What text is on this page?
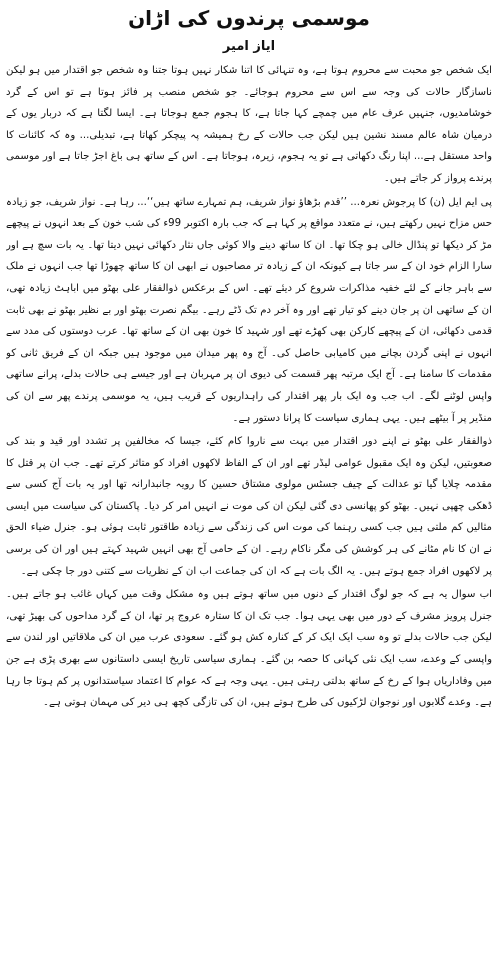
موسمی پرندوں کی اڑان
ایاز امیر

ایک شخص جو محبت سے محروم ہوتا ہے، وہ تنہائی کا اتنا شکار نہیں ہوتا جتنا وہ شخص جو اقتدار میں ہو لیکن ناسازگار حالات کی وجہ سے اس سے محروم ہوجائے۔ جو شخص منصب پر فائز ہوتا ہے تو اس کے گرد خوشامدیوں، جنہیں عرف عام میں چمچے کہا جاتا ہے، کا ہجوم جمع ہوجاتا ہے۔ ایسا لگتا ہے کہ دربار یوں کے درمیان شاہ عالم مسند نشین ہیں لیکن جب حالات کے رخ ہمیشہ پہ پیچکر کھاتا ہے، تبدیلی... وہ کہ کائنات کا واحد مستقل ہے... اپنا رنگ دکھاتی ہے تو یہ ہجوم، زیرہ، ہوجاتا ہے۔ اس کے ساتھ ہی باغ اجڑ جاتا ہے اور موسمی پرندے پرواز کر جاتے ہیں۔

پی ایم ایل (ن) کا پرجوش نعرہ... ’’قدم بڑھاؤ نواز شریف، ہم تمہارے ساتھ ہیں‘‘... رہا ہے۔ نواز شریف، جو زیادہ حس مزاح نہیں رکھتے ہیں، نے متعدد مواقع پر کہا ہے کہ جب بارہ اکتوبر 99ء کی شب خون کے بعد انہوں نے پیچھے مڑ کر دیکھا تو پنڈال خالی ہو چکا تھا۔ ان کا ساتھ دینے والا کوئی جاں نثار دکھائی نہیں دیتا تھا۔ یہ بات سچ ہے اور سارا الزام خود ان کے سر جاتا ہے کیونکہ ان کے زیادہ تر مصاحبوں نے ابھی ان کا ساتھ چھوڑا تھا جب انہوں نے ملک سے باہر جانے کے لئے خفیہ مذاکرات شروع کر دیئے تھے۔ اس کے برعکس ذوالفقار علی بھٹو میں اباہٹ زیادہ تھی، ان کے ساتھی ان پر جان دینے کو تیار تھے اور وہ آخر دم تک ڈٹے رہے۔ بیگم نصرت بھٹو اور بے نظیر بھٹو نے بھی ثابت قدمی دکھائی، ان کے پیچھے کارکن بھی کھڑے تھے اور شہید کا خون بھی ان کے ساتھ تھا۔ عرب دوستوں کی مدد سے انہوں نے اپنی گردن بچانے میں کامیابی حاصل کی۔ آج وہ پھر میدان میں موجود ہیں جبکہ ان کے فریق ثانی کو مقدمات کا سامنا ہے۔ آج ایک مرتبہ پھر قسمت کی دیوی ان پر مہربان ہے اور جیسے ہی حالات بدلے، پرانے ساتھی واپس لوٹنے لگے۔ اب جب وہ ایک بار پھر اقتدار کی راہداریوں کے قریب ہیں، یہ موسمی پرندے پھر سے ان کی منڈیر پر آ بیٹھے ہیں۔ یہی ہماری سیاست کا پرانا دستور ہے۔

ذوالفقار علی بھٹو نے اپنے دور اقتدار میں بہت سے ناروا کام کئے، جیسا کہ مخالفین پر تشدد اور قید و بند کی صعوبتیں، لیکن وہ ایک مقبول عوامی لیڈر تھے اور ان کے الفاظ لاکھوں افراد کو متاثر کرتے تھے۔ جب ان پر قتل کا مقدمہ چلایا گیا تو عدالت کے چیف جسٹس مولوی مشتاق حسین کا رویہ جانبدارانہ تھا اور یہ بات آج کسی سے ڈھکی چھپی نہیں۔ بھٹو کو پھانسی دی گئی لیکن ان کی موت نے انہیں امر کر دیا۔ پاکستان کی سیاست میں ایسی مثالیں کم ملتی ہیں جب کسی رہنما کی موت اس کی زندگی سے زیادہ طاقتور ثابت ہوئی ہو۔ جنرل ضیاء الحق نے ان کا نام مٹانے کی ہر کوشش کی مگر ناکام رہے۔ ان کے حامی آج بھی انہیں شہید کہتے ہیں اور ان کی برسی پر لاکھوں افراد جمع ہوتے ہیں۔ یہ الگ بات ہے کہ ان کی جماعت اب ان کے نظریات سے کتنی دور جا چکی ہے۔

اب سوال یہ ہے کہ جو لوگ اقتدار کے دنوں میں ساتھ ہوتے ہیں وہ مشکل وقت میں کہاں غائب ہو جاتے ہیں۔ جنرل پرویز مشرف کے دور میں بھی یہی ہوا۔ جب تک ان کا ستارہ عروج پر تھا، ان کے گرد مداحوں کی بھیڑ تھی، لیکن جب حالات بدلے تو وہ سب ایک ایک کر کے کنارہ کش ہو گئے۔ سعودی عرب میں ان کی ملاقاتیں اور لندن سے واپسی کے وعدے، سب ایک نئی کہانی کا حصہ بن گئے۔ ہماری سیاسی تاریخ ایسی داستانوں سے بھری پڑی ہے جن میں وفاداریاں ہوا کے رخ کے ساتھ بدلتی رہتی ہیں۔ یہی وجہ ہے کہ عوام کا اعتماد سیاستدانوں پر کم ہوتا جا رہا ہے۔ وعدے گلابوں اور نوجوان لڑکیوں کی طرح ہوتے ہیں، ان کی تازگی کچھ ہی دیر کی مہمان ہوتی ہے۔
